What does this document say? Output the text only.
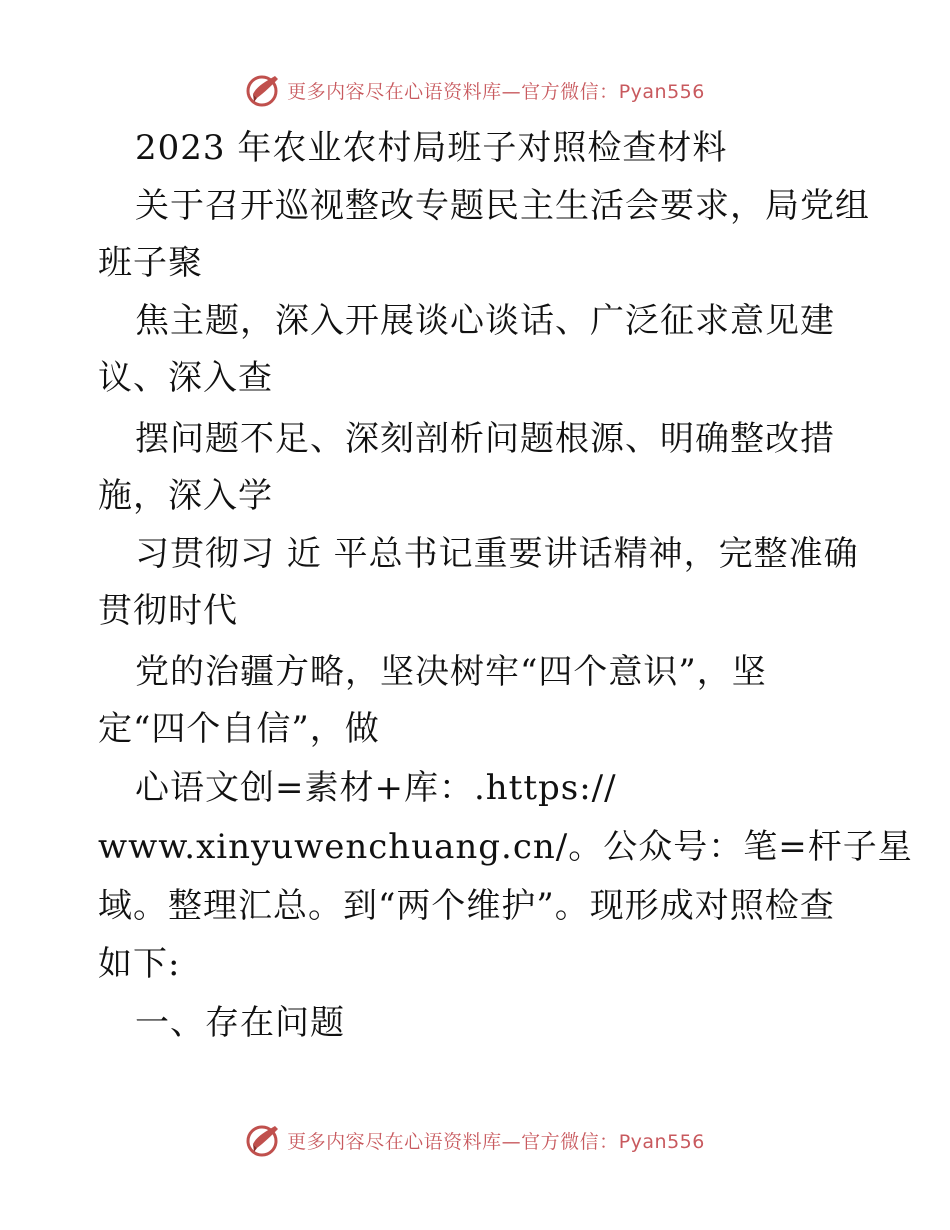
更多内容尽在心语资料库—官方微信：Pyan556
2023 年农业农村局班子对照检查材料
关于召开巡视整改专题民主生活会要求，局党组
班子聚
焦主题，深入开展谈心谈话、广泛征求意见建
议、深入查
摆问题不足、深刻剖析问题根源、明确整改措
施，深入学
习贯彻习 近 平总书记重要讲话精神，完整准确
贯彻时代
党的治疆方略，坚决树牢“四个意识”，坚
定“四个自信”，做
心语文创=素材+库：.https://
www.xinyuwenchuang.cn/。公众号：笔=杆子星
域。整理汇总。到“两个维护”。现形成对照检查
如下:
一、存在问题
更多内容尽在心语资料库—官方微信：Pyan556
